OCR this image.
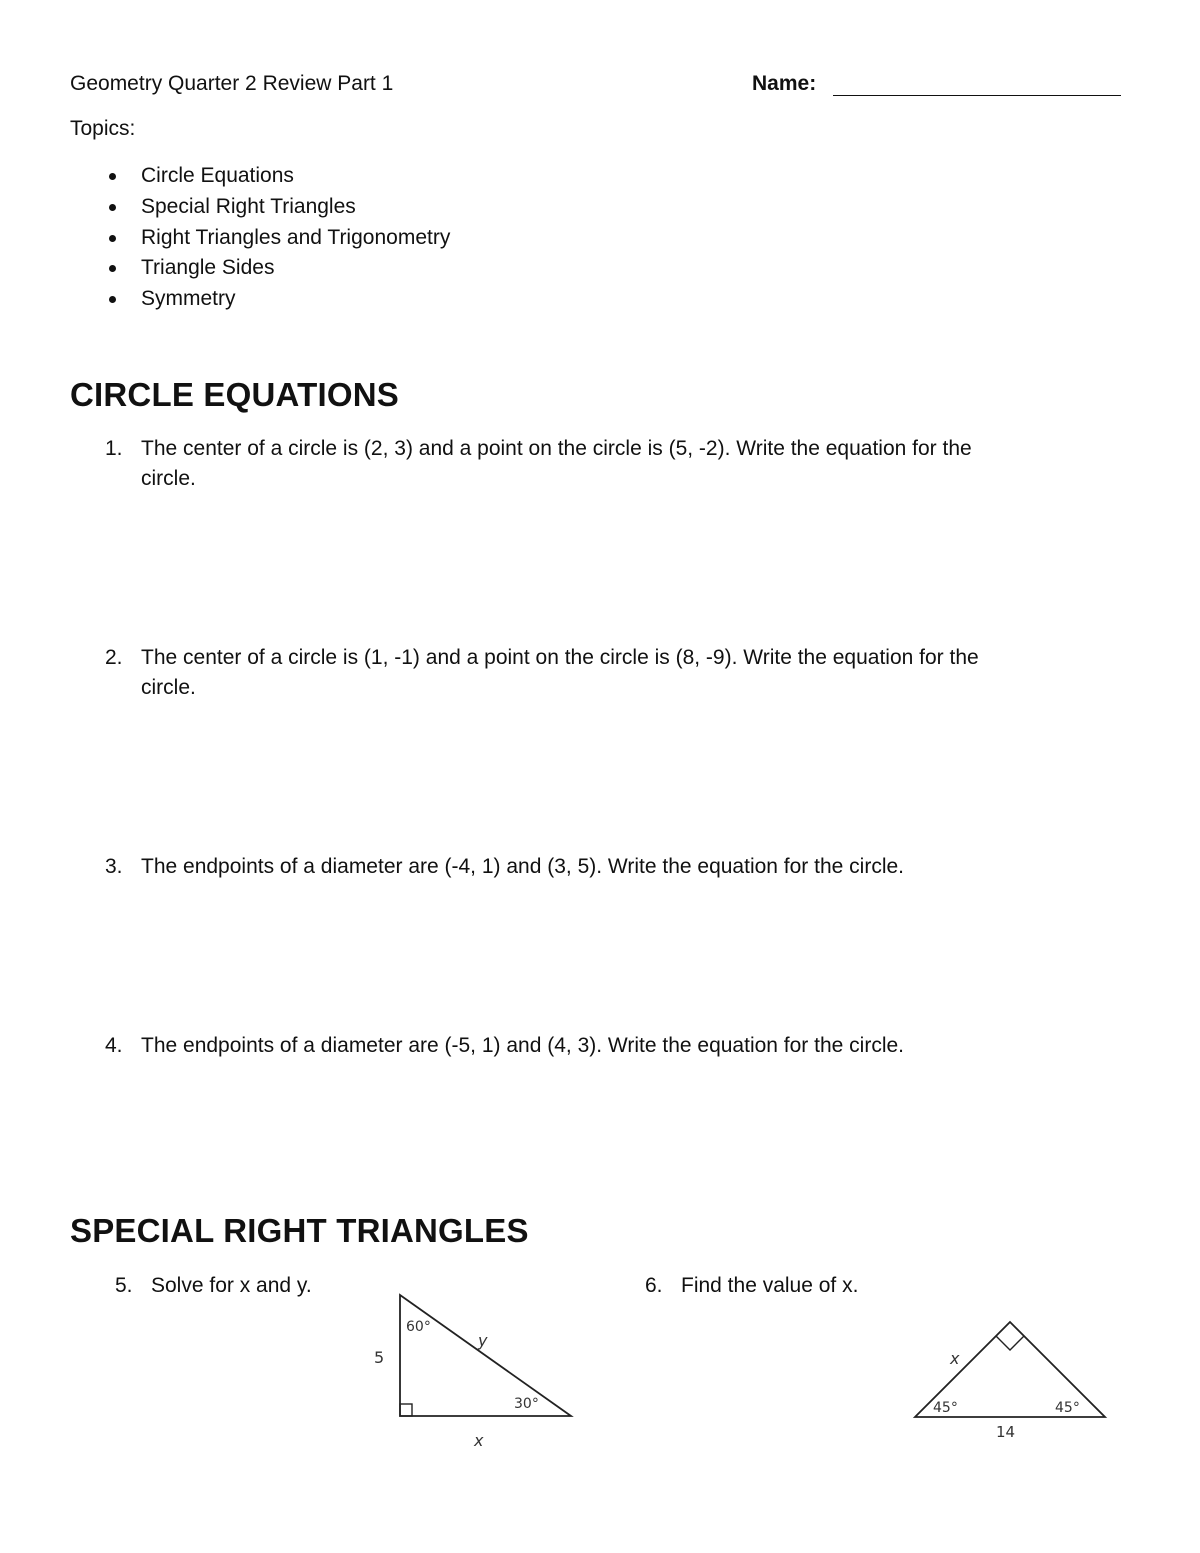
Geometry Quarter 2 Review Part 1	Name:
Topics:
Circle Equations
Special Right Triangles
Right Triangles and Trigonometry
Triangle Sides
Symmetry
CIRCLE EQUATIONS
1. The center of a circle is (2, 3) and a point on the circle is (5, -2). Write the equation for the
circle.
2. The center of a circle is (1, -1) and a point on the circle is (8, -9). Write the equation for the
circle.
3. The endpoints of a diameter are (-4, 1) and (3, 5). Write the equation for the circle.
4. The endpoints of a diameter are (-5, 1) and (4, 3). Write the equation for the circle.
SPECIAL RIGHT TRIANGLES
5. Solve for x and y.	6. Find the value of x.
60°
30°
5
y
x
45°	45°
x
14
